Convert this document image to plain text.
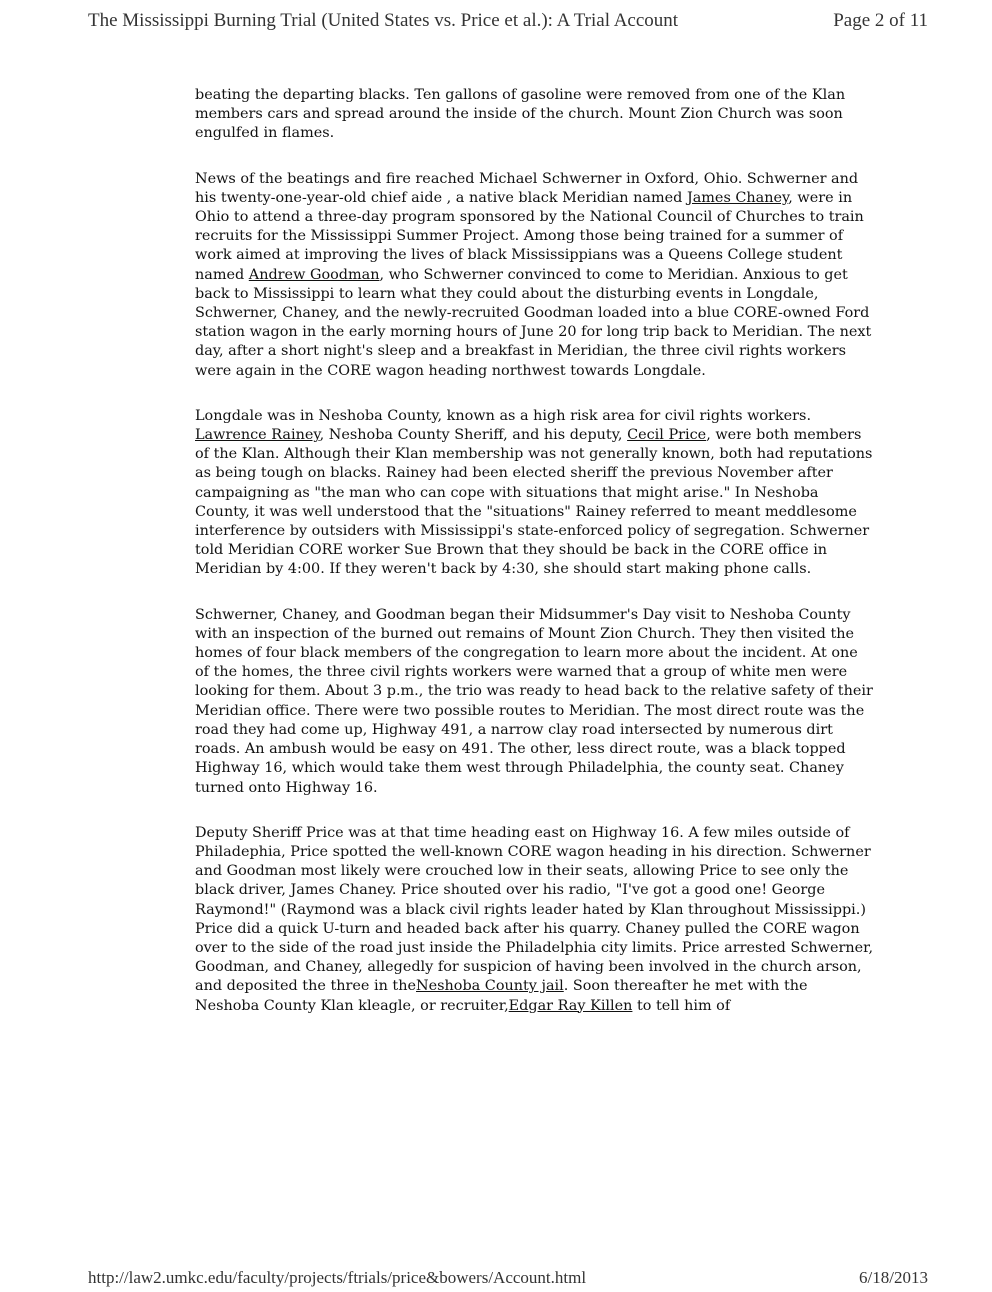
The Mississippi Burning Trial (United States vs. Price et al.): A Trial Account	Page 2 of 11

beating the departing blacks. Ten gallons of gasoline were removed from one of the Klan members cars and spread around the inside of the church. Mount Zion Church was soon engulfed in flames.

News of the beatings and fire reached Michael Schwerner in Oxford, Ohio. Schwerner and his twenty-one-year-old chief aide , a native black Meridian named James Chaney, were in Ohio to attend a three-day program sponsored by the National Council of Churches to train recruits for the Mississippi Summer Project. Among those being trained for a summer of work aimed at improving the lives of black Mississippians was a Queens College student named Andrew Goodman, who Schwerner convinced to come to Meridian. Anxious to get back to Mississippi to learn what they could about the disturbing events in Longdale, Schwerner, Chaney, and the newly-recruited Goodman loaded into a blue CORE-owned Ford station wagon in the early morning hours of June 20 for long trip back to Meridian. The next day, after a short night's sleep and a breakfast in Meridian, the three civil rights workers were again in the CORE wagon heading northwest towards Longdale.

Longdale was in Neshoba County, known as a high risk area for civil rights workers. Lawrence Rainey, Neshoba County Sheriff, and his deputy, Cecil Price, were both members of the Klan. Although their Klan membership was not generally known, both had reputations as being tough on blacks. Rainey had been elected sheriff the previous November after campaigning as "the man who can cope with situations that might arise." In Neshoba County, it was well understood that the "situations" Rainey referred to meant meddlesome interference by outsiders with Mississippi's state-enforced policy of segregation. Schwerner told Meridian CORE worker Sue Brown that they should be back in the CORE office in Meridian by 4:00. If they weren't back by 4:30, she should start making phone calls.

Schwerner, Chaney, and Goodman began their Midsummer's Day visit to Neshoba County with an inspection of the burned out remains of Mount Zion Church. They then visited the homes of four black members of the congregation to learn more about the incident. At one of the homes, the three civil rights workers were warned that a group of white men were looking for them. About 3 p.m., the trio was ready to head back to the relative safety of their Meridian office. There were two possible routes to Meridian. The most direct route was the road they had come up, Highway 491, a narrow clay road intersected by numerous dirt roads. An ambush would be easy on 491. The other, less direct route, was a black topped Highway 16, which would take them west through Philadelphia, the county seat. Chaney turned onto Highway 16.

Deputy Sheriff Price was at that time heading east on Highway 16. A few miles outside of Philadephia, Price spotted the well-known CORE wagon heading in his direction. Schwerner and Goodman most likely were crouched low in their seats, allowing Price to see only the black driver, James Chaney. Price shouted over his radio, "I've got a good one! George Raymond!" (Raymond was a black civil rights leader hated by Klan throughout Mississippi.) Price did a quick U-turn and headed back after his quarry. Chaney pulled the CORE wagon over to the side of the road just inside the Philadelphia city limits. Price arrested Schwerner, Goodman, and Chaney, allegedly for suspicion of having been involved in the church arson, and deposited the three in theNeshoba County jail. Soon thereafter he met with the Neshoba County Klan kleagle, or recruiter,Edgar Ray Killen to tell him of

http://law2.umkc.edu/faculty/projects/ftrials/price&bowers/Account.html	6/18/2013
